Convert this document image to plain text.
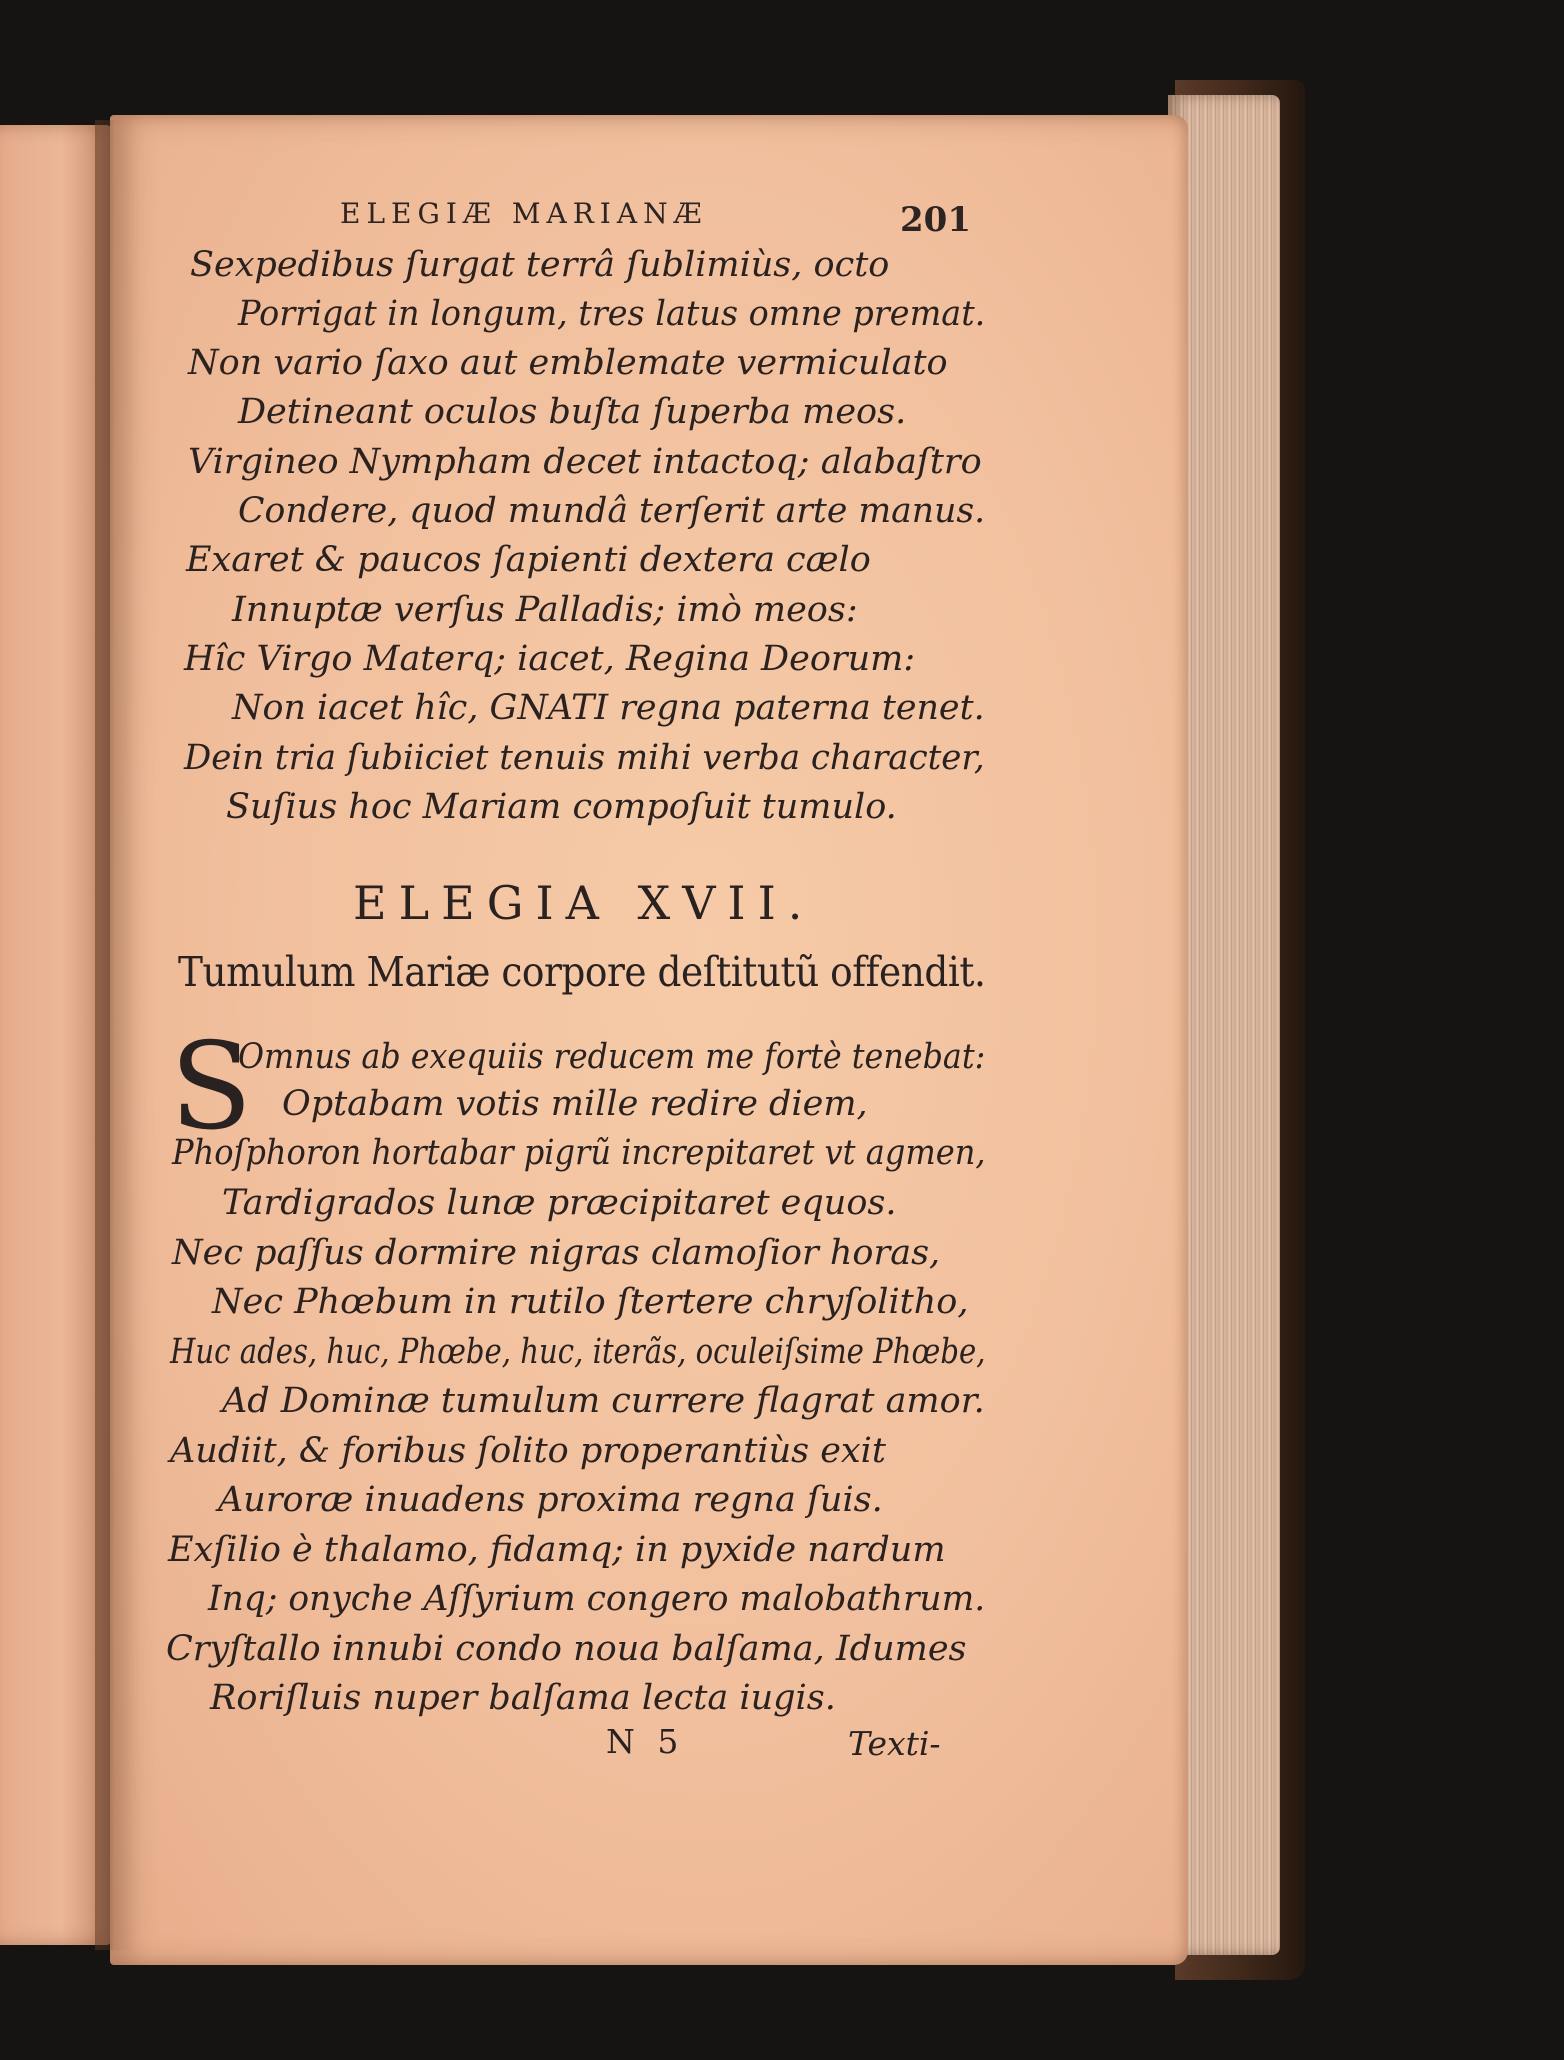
ELEGIÆ MARIANÆ	201
Sexpedibus ſurgat terrâ ſublimiùs, octo
Porrigat in longum, tres latus omne premat.
Non vario ſaxo aut emblemate vermiculato
Detineant oculos buſta ſuperba meos.
Virgineo Nympham decet intactoq; alabaſtro
Condere, quod mundâ terſerit arte manus.
Exaret & paucos ſapienti dextera cælo
Innuptæ verſus Palladis; imò meos:
Hîc Virgo Materq; iacet, Regina Deorum:
Non iacet hîc, GNATI regna paterna tenet.
Dein tria ſubiiciet tenuis mihi verba character,
Suſius hoc Mariam compoſuit tumulo.
ELEGIA XVII.
Tumulum Mariæ corpore deſtitutũ offendit.
S
Omnus ab exequiis reducem me fortè tenebat:
Optabam votis mille redire diem,
Phoſphoron hortabar pigrũ increpitaret vt agmen,
Tardigrados lunæ præcipitaret equos.
Nec paſſus dormire nigras clamoſior horas,
Nec Phœbum in rutilo ſtertere chryſolitho,
Huc ades, huc, Phœbe, huc, iterãs, oculeiſsime Phœbe,
Ad Dominæ tumulum currere flagrat amor.
Audiit, & foribus ſolito properantiùs exit
Auroræ inuadens proxima regna ſuis.
Exſilio è thalamo, fidamq; in pyxide nardum
Inq; onyche Aſſyrium congero malobathrum.
Cryſtallo innubi condo noua balſama, Idumes
Roriſluis nuper balſama lecta iugis.
N 5	Texti-
